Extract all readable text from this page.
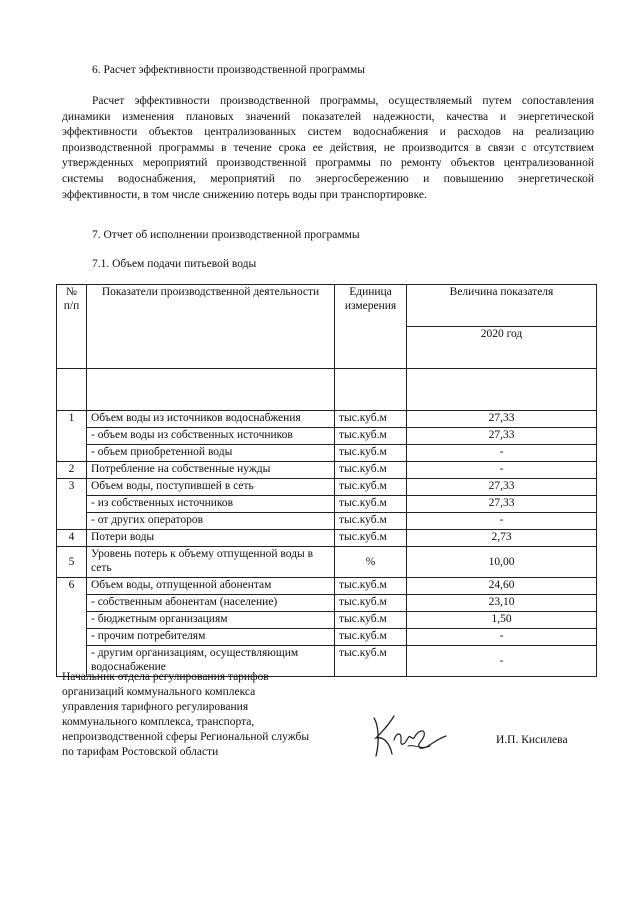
6. Расчет эффективности производственной программы
Расчет эффективности производственной программы, осуществляемый путем сопоставления динамики изменения плановых значений показателей надежности, качества и энергетической эффективности объектов централизованных систем водоснабжения и расходов на реализацию производственной программы в течение срока ее действия, не производится в связи с отсутствием утвержденных мероприятий производственной программы по ремонту объектов централизованной системы водоснабжения, мероприятий по энергосбережению и повышению энергетической эффективности, в том числе снижению потерь воды при транспортировке.
7. Отчет об исполнении производственной программы
7.1. Объем подачи питьевой воды
№ п/п	Показатели производственной деятельности	Единица измерения	Величина показателя
			2020 год

1	Объем воды из источников водоснабжения	тыс.куб.м	27,33
	- объем воды из собственных источников	тыс.куб.м	27,33
	- объем приобретенной воды	тыс.куб.м	-
2	Потребление на собственные нужды	тыс.куб.м	-
3	Объем воды, поступившей в сеть	тыс.куб.м	27,33
	- из собственных источников	тыс.куб.м	27,33
	- от других операторов	тыс.куб.м	-
4	Потери воды	тыс.куб.м	2,73
5	Уровень потерь к объему отпущенной воды в сеть	%	10,00
6	Объем воды, отпущенной абонентам	тыс.куб.м	24,60
	- собственным абонентам (население)	тыс.куб.м	23,10
	- бюджетным организациям	тыс.куб.м	1,50
	- прочим потребителям	тыс.куб.м	-
	- другим организациям, осуществляющим водоснабжение	тыс.куб.м	-
Начальник отдела регулирования тарифов организаций коммунального комплекса управления тарифного регулирования коммунального комплекса, транспорта, непроизводственной сферы Региональной службы по тарифам Ростовской области
И.П. Кисилева
